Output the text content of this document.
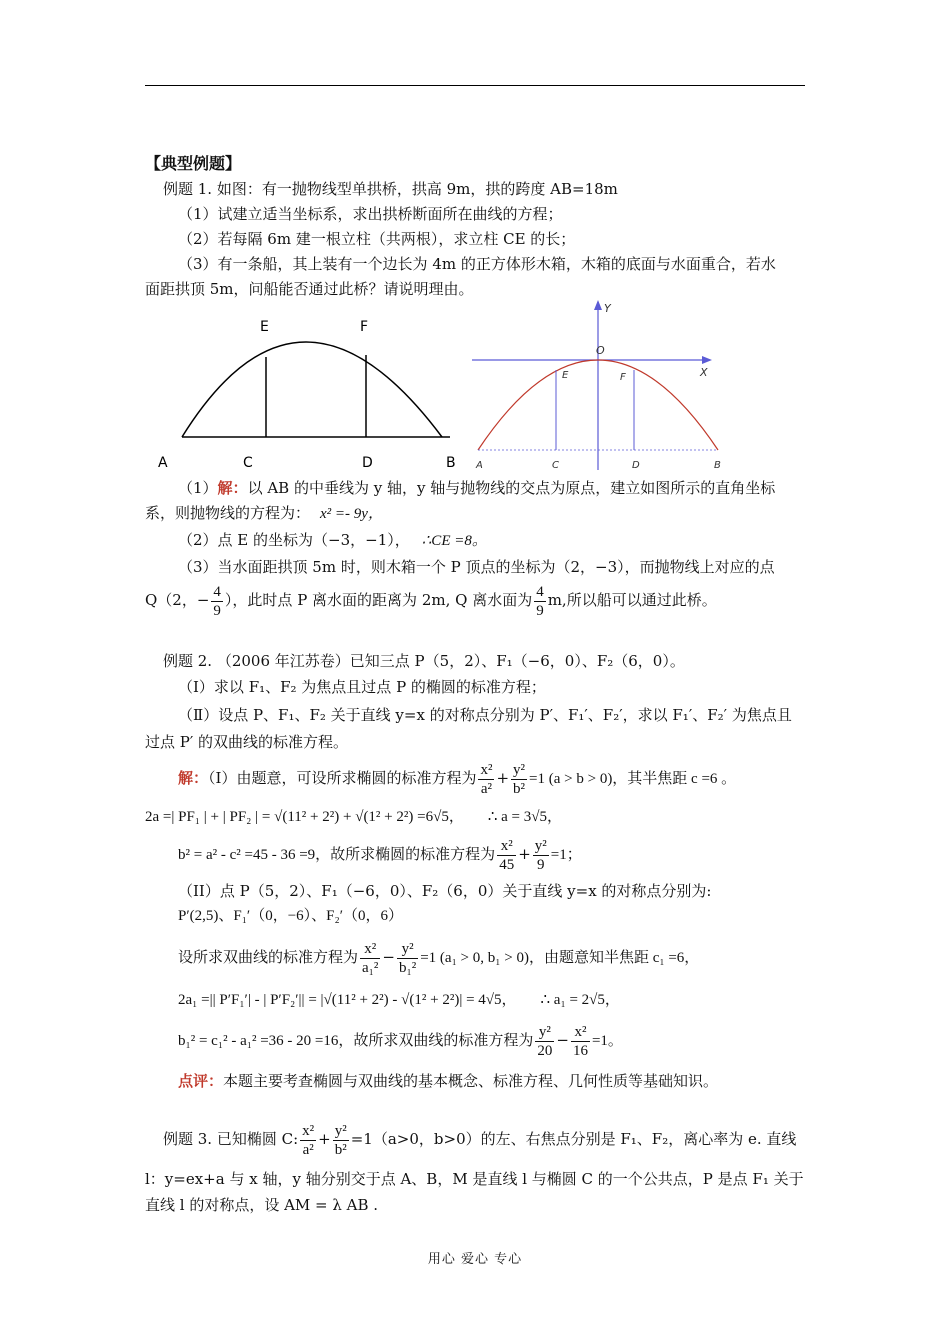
【典型例题】
例题 1. 如图：有一抛物线型单拱桥，拱高 9m，拱的跨度 AB=18m
（1）试建立适当坐标系，求出拱桥断面所在曲线的方程；
（2）若每隔 6m 建一根立柱（共两根），求立柱 CE 的长；
（3）有一条船，其上装有一个边长为 4m 的正方体形木箱，木箱的底面与水面重合，若水
面距拱顶 5m，问船能否通过此桥？请说明理由。
E	F
A	C	D	B
Y
O
X
E	F
A	C	D	B
（1）解：以 AB 的中垂线为 y 轴，y 轴与抛物线的交点为原点，建立如图所示的直角坐标
系，则抛物线的方程为： x² =- 9y，
（2）点 E 的坐标为（−3，−1）， ∴CE =8。
（3）当水面距拱顶 5m 时，则木箱一个 P 顶点的坐标为（2，−3），而抛物线上对应的点
Q（2，− $\frac{4}{9}$ ），此时点 P 离水面的距离为 2m, Q 离水面为 $\frac{4}{9} m$,所以船可以通过此桥。
例题 2. （2006 年江苏卷）已知三点 P（5，2）、F₁（−6，0）、F₂（6，0）。
（Ⅰ）求以 F₁、F₂ 为焦点且过点 P 的椭圆的标准方程；
（Ⅱ）设点 P、F₁、F₂ 关于直线 y=x 的对称点分别为 P′、F₁′、F₂′，求以 F₁′、F₂′ 为焦点且
过点 P′ 的双曲线的标准方程。
解：（I）由题意，可设所求椭圆的标准方程为 $\frac{\text{x²}}{\text{a²}} + \frac{\text{y²}}{\text{b²}} =1$ (a > b > 0)，其半焦距 c =6 。
2a =| PF₁ | + | PF₂ | = √(11² + 2²) + √(1² + 2²) =6√5， ∴ a = 3√5，
b² = a² - c² =45 - 36 =9，故所求椭圆的标准方程为 $\frac{\text{x²}}{45} + \frac{\text{y²}}{9} =1$；
（II）点 P（5，2）、F₁（−6，0）、F₂（6，0）关于直线 y=x 的对称点分别为:
P′(2,5)、F₁′（0，−6）、F₂′（0，6）
设所求双曲线的标准方程为 $\frac{\text{x²}}{\text{a₁²}} - \frac{\text{y²}}{\text{b₁²}} =1$ (a₁ > 0, b₁ > 0)，由题意知半焦距 c₁ =6，
2a₁ =|| P′F₁′| - | P′F₂′|| = |√(11² + 2²) - √(1² + 2²)| = 4√5， ∴ a₁ = 2√5，
b₁² = c₁² - a₁² =36 - 20 =16，故所求双曲线的标准方程为 $\frac{\text{y²}}{20} - \frac{\text{x²}}{16} =1$。
点评：本题主要考查椭圆与双曲线的基本概念、标准方程、几何性质等基础知识。
例题 3. 已知椭圆 C: $\frac{\text{x²}}{\text{a²}} + \frac{\text{y²}}{\text{b²}} =1(a>0$，b>0）的左、右焦点分别是 F₁、F₂，离心率为 e. 直线
l：y=ex+a 与 x 轴，y 轴分别交于点 A、B，M 是直线 l 与椭圆 C 的一个公共点，P 是点 F₁ 关于
直线 l 的对称点，设 AM = λ AB .
用心 爱心 专心
